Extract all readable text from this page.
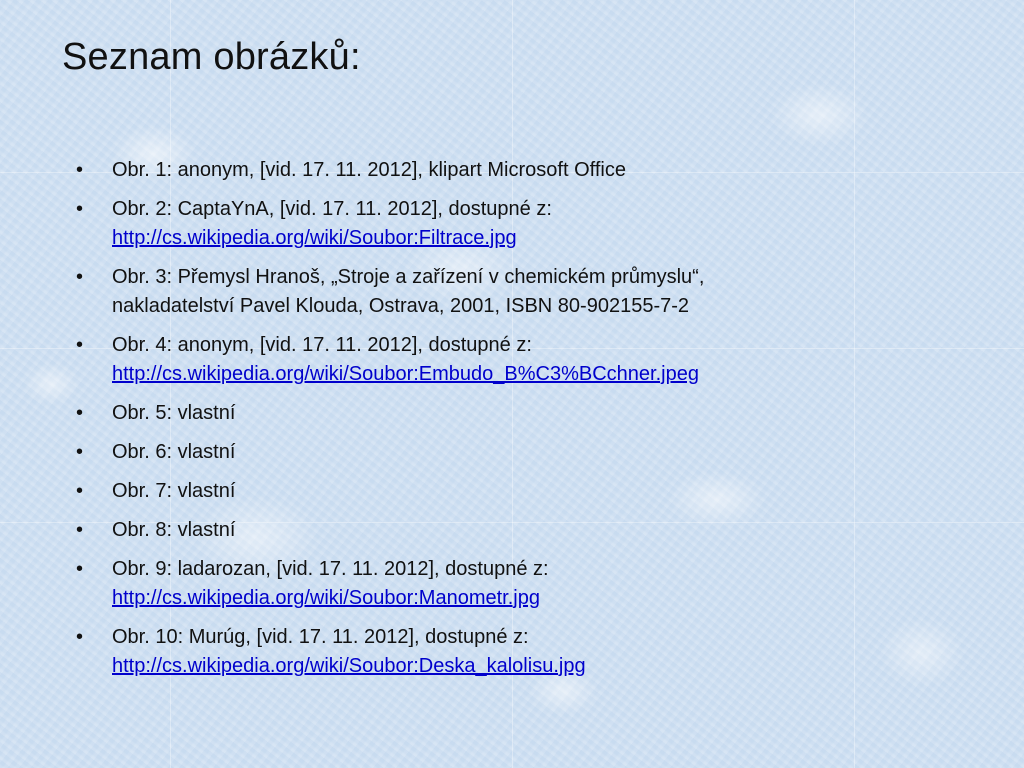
Seznam obrázků:
• Obr. 1: anonym, [vid. 17. 11. 2012], klipart Microsoft Office
• Obr. 2: CaptaYnA, [vid. 17. 11. 2012], dostupné z:
http://cs.wikipedia.org/wiki/Soubor:Filtrace.jpg
• Obr. 3: Přemysl Hranoš, „Stroje a zařízení v chemickém průmyslu“,
nakladatelství Pavel Klouda, Ostrava, 2001, ISBN 80-902155-7-2
• Obr. 4: anonym, [vid. 17. 11. 2012], dostupné z:
http://cs.wikipedia.org/wiki/Soubor:Embudo_B%C3%BCchner.jpeg
• Obr. 5: vlastní
• Obr. 6: vlastní
• Obr. 7: vlastní
• Obr. 8: vlastní
• Obr. 9: ladarozan, [vid. 17. 11. 2012], dostupné z:
http://cs.wikipedia.org/wiki/Soubor:Manometr.jpg
• Obr. 10: Murúg, [vid. 17. 11. 2012], dostupné z:
http://cs.wikipedia.org/wiki/Soubor:Deska_kalolisu.jpg
